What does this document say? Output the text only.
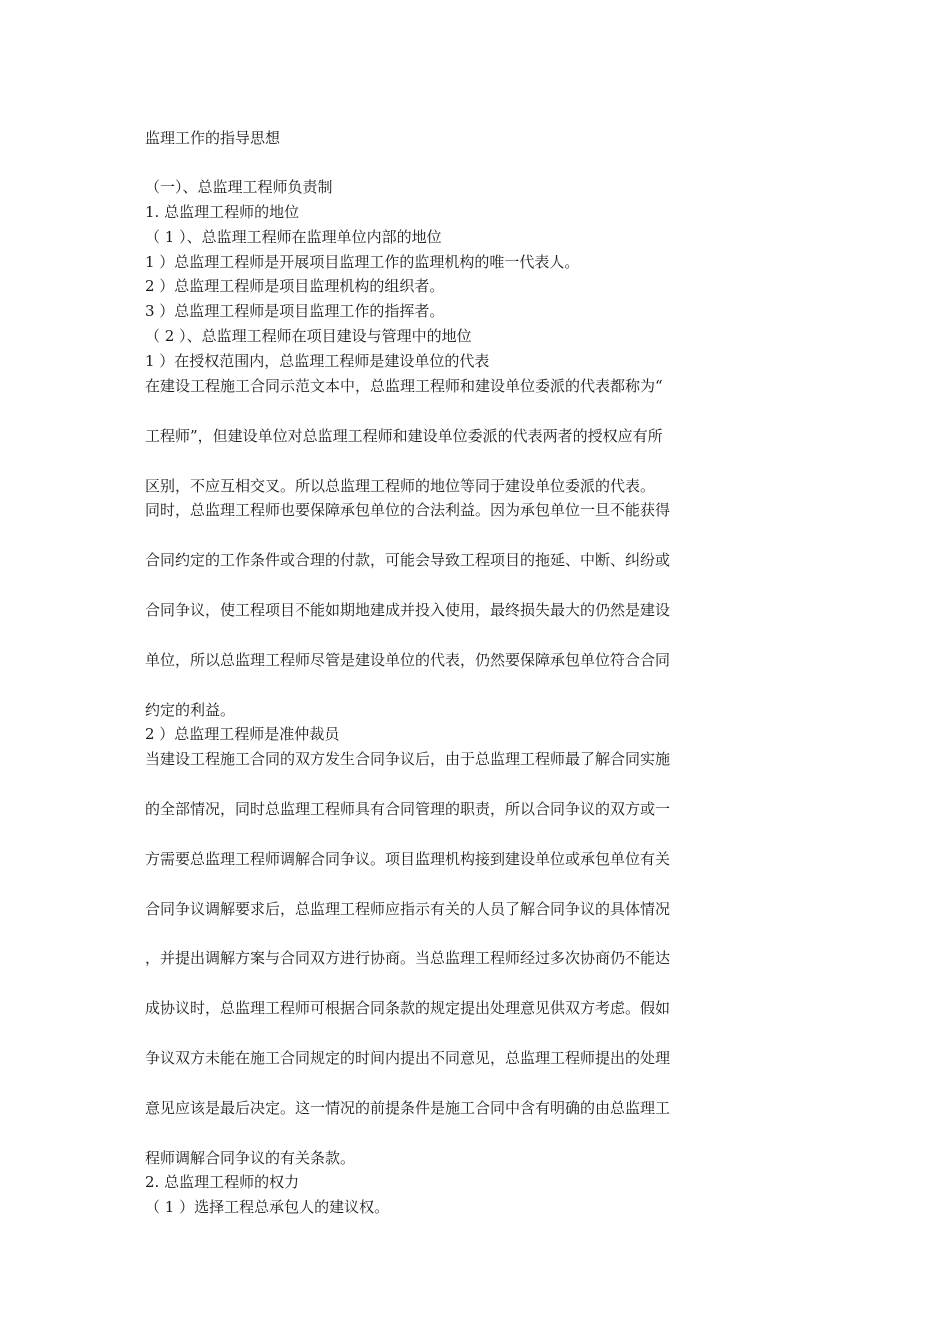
监理工作的指导思想
（一）、总监理工程师负责制
1. 总监理工程师的地位
（ 1 ）、总监理工程师在监理单位内部的地位
1 ）总监理工程师是开展项目监理工作的监理机构的唯一代表人。
2 ）总监理工程师是项目监理机构的组织者。
3 ）总监理工程师是项目监理工作的指挥者。
（ 2 ）、总监理工程师在项目建设与管理中的地位
1 ）在授权范围内，总监理工程师是建设单位的代表
在建设工程施工合同示范文本中，总监理工程师和建设单位委派的代表都称为“
工程师”，但建设单位对总监理工程师和建设单位委派的代表两者的授权应有所
区别，不应互相交叉。所以总监理工程师的地位等同于建设单位委派的代表。
同时，总监理工程师也要保障承包单位的合法利益。因为承包单位一旦不能获得
合同约定的工作条件或合理的付款，可能会导致工程项目的拖延、中断、纠纷或
合同争议，使工程项目不能如期地建成并投入使用，最终损失最大的仍然是建设
单位，所以总监理工程师尽管是建设单位的代表，仍然要保障承包单位符合合同
约定的利益。
2 ）总监理工程师是准仲裁员
当建设工程施工合同的双方发生合同争议后，由于总监理工程师最了解合同实施
的全部情况，同时总监理工程师具有合同管理的职责，所以合同争议的双方或一
方需要总监理工程师调解合同争议。项目监理机构接到建设单位或承包单位有关
合同争议调解要求后，总监理工程师应指示有关的人员了解合同争议的具体情况
，并提出调解方案与合同双方进行协商。当总监理工程师经过多次协商仍不能达
成协议时，总监理工程师可根据合同条款的规定提出处理意见供双方考虑。假如
争议双方未能在施工合同规定的时间内提出不同意见，总监理工程师提出的处理
意见应该是最后决定。这一情况的前提条件是施工合同中含有明确的由总监理工
程师调解合同争议的有关条款。
2. 总监理工程师的权力
（ 1 ）选择工程总承包人的建议权。
